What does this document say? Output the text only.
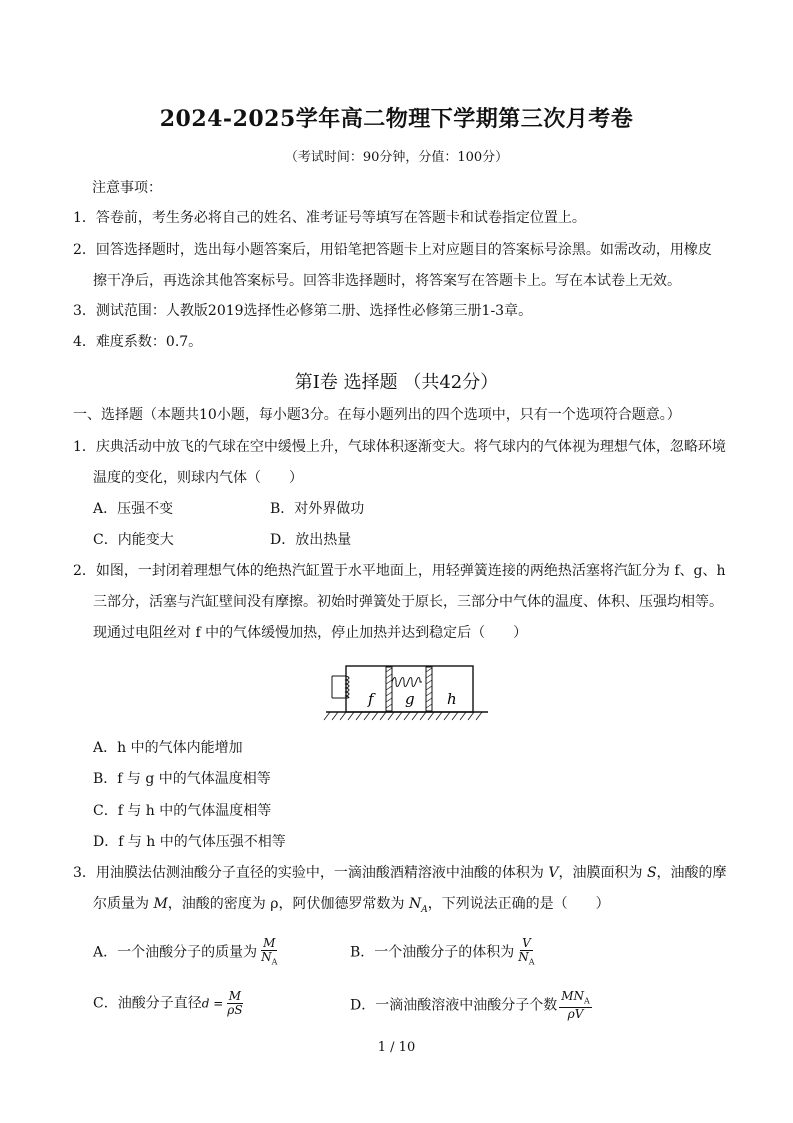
2024-2025学年高二物理下学期第三次月考卷
（考试时间：90分钟，分值：100分）
注意事项：
1．答卷前，考生务必将自己的姓名、准考证号等填写在答题卡和试卷指定位置上。
2．回答选择题时，选出每小题答案后，用铅笔把答题卡上对应题目的答案标号涂黑。如需改动，用橡皮
擦干净后，再选涂其他答案标号。回答非选择题时，将答案写在答题卡上。写在本试卷上无效。
3．测试范围：人教版2019选择性必修第二册、选择性必修第三册1-3章。
4．难度系数：0.7。
第Ⅰ卷 选择题 （共42分）
一、选择题（本题共10小题，每小题3分。在每小题列出的四个选项中，只有一个选项符合题意。）
1．庆典活动中放飞的气球在空中缓慢上升，气球体积逐渐变大。将气球内的气体视为理想气体，忽略环境
温度的变化，则球内气体（　　）
A．压强不变	B．对外界做功
C．内能变大	D．放出热量
2．如图，一封闭着理想气体的绝热汽缸置于水平地面上，用轻弹簧连接的两绝热活塞将汽缸分为 f、g、h
三部分，活塞与汽缸壁间没有摩擦。初始时弹簧处于原长，三部分中气体的温度、体积、压强均相等。
现通过电阻丝对 f 中的气体缓慢加热，停止加热并达到稳定后（　　）
f g h
A．h 中的气体内能增加
B．f 与 g 中的气体温度相等
C．f 与 h 中的气体温度相等
D．f 与 h 中的气体压强不相等
3．用油膜法估测油酸分子直径的实验中，一滴油酸酒精溶液中油酸的体积为 V，油膜面积为 S，油酸的摩
尔质量为 M，油酸的密度为 ρ，阿伏伽德罗常数为 $N_A$，下列说法正确的是（　　）
A．一个油酸分子的质量为 $\frac{M}{N_A}$	B．一个油酸分子的体积为 $\frac{V}{N_A}$
C．油酸分子直径$d = \frac{M}{\rho S}$	D．一滴油酸溶液中油酸分子个数 $\frac{MN_A}{\rho V}$
1 / 10
